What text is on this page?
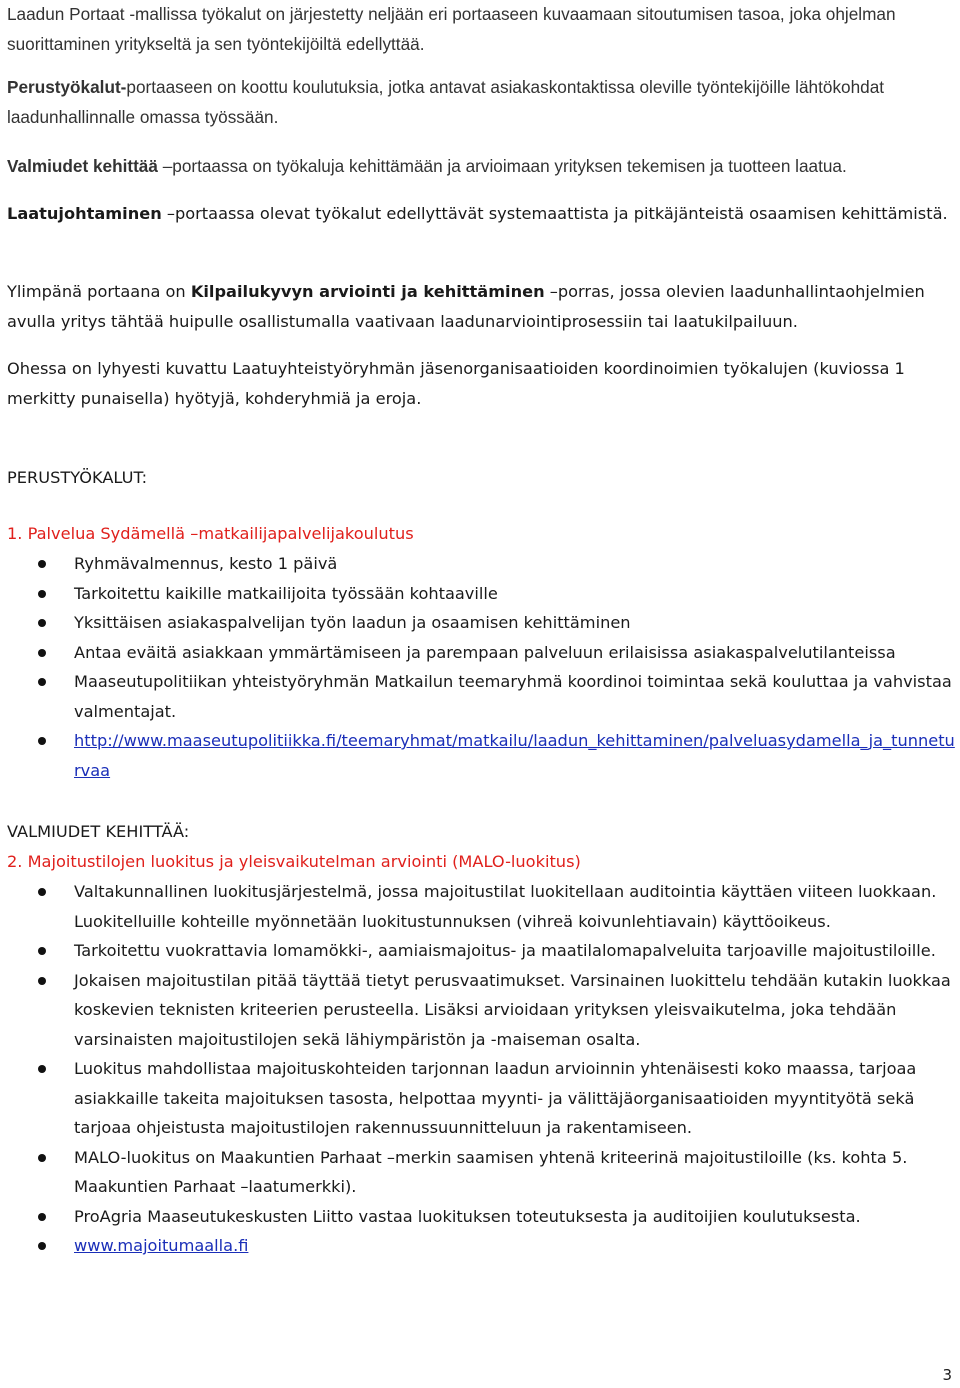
Laadun Portaat -mallissa työkalut on järjestetty neljään eri portaaseen kuvaamaan sitoutumisen tasoa, joka ohjelman suorittaminen yritykseltä ja sen työntekijöiltä edellyttää.

Perustyökalut-portaaseen on koottu koulutuksia, jotka antavat asiakaskontaktissa oleville työntekijöille lähtökohdat laadunhallinnalle omassa työssään.

Valmiudet kehittää –portaassa on työkaluja kehittämään ja arvioimaan yrityksen tekemisen ja tuotteen laatua.

Laatujohtaminen –portaassa olevat työkalut edellyttävät systemaattista ja pitkäjänteistä osaamisen kehittämistä.

Ylimpänä portaana on Kilpailukyvyn arviointi ja kehittäminen –porras, jossa olevien laadunhallintaohjelmien avulla yritys tähtää huipulle osallistumalla vaativaan laadunarviointiprosessiin tai laatukilpailuun.

Ohessa on lyhyesti kuvattu Laatuyhteistyöryhmän jäsenorganisaatioiden koordinoimien työkalujen (kuviossa 1 merkitty punaisella) hyötyjä, kohderyhmiä ja eroja.

PERUSTYÖKALUT:
1. Palvelua Sydämellä –matkailijapalvelijakoulutus
Ryhmävalmennus, kesto 1 päivä
Tarkoitettu kaikille matkailijoita työssään kohtaaville
Yksittäisen asiakaspalvelijan työn laadun ja osaamisen kehittäminen
Antaa eväitä asiakkaan ymmärtämiseen ja parempaan palveluun erilaisissa asiakaspalvelutilanteissa
Maaseutupolitiikan yhteistyöryhmän Matkailun teemaryhmä koordinoi toimintaa sekä kouluttaa ja vahvistaa valmentajat.
http://www.maaseutupolitiikka.fi/teemaryhmat/matkailu/laadun_kehittaminen/palveluasydamella_ja_tunneturvaa
VALMIUDET KEHITTÄÄ:
2. Majoitustilojen luokitus ja yleisvaikutelman arviointi (MALO-luokitus)
Valtakunnallinen luokitusjärjestelmä, jossa majoitustilat luokitellaan auditointia käyttäen viiteen luokkaan. Luokitelluille kohteille myönnetään luokitustunnuksen (vihreä koivunlehtiavain) käyttöoikeus.
Tarkoitettu vuokrattavia lomamökki-, aamiaismajoitus- ja maatilalomapalveluita tarjoaville majoitustiloille.
Jokaisen majoitustilan pitää täyttää tietyt perusvaatimukset. Varsinainen luokittelu tehdään kutakin luokkaa koskevien teknisten kriteerien perusteella. Lisäksi arvioidaan yrityksen yleisvaikutelma, joka tehdään varsinaisten majoitustilojen sekä lähiympäristön ja -maiseman osalta.
Luokitus mahdollistaa majoituskohteiden tarjonnan laadun arvioinnin yhtenäisesti koko maassa, tarjoaa asiakkaille takeita majoituksen tasosta, helpottaa myynti- ja välittäjäorganisaatioiden myyntityötä sekä tarjoaa ohjeistusta majoitustilojen rakennussuunnitteluun ja rakentamiseen.
MALO-luokitus on Maakuntien Parhaat –merkin saamisen yhtenä kriteerinä majoitustiloille (ks. kohta 5. Maakuntien Parhaat –laatumerkki).
ProAgria Maaseutukeskusten Liitto vastaa luokituksen toteutuksesta ja auditoijien koulutuksesta.
www.majoitumaalla.fi
3
